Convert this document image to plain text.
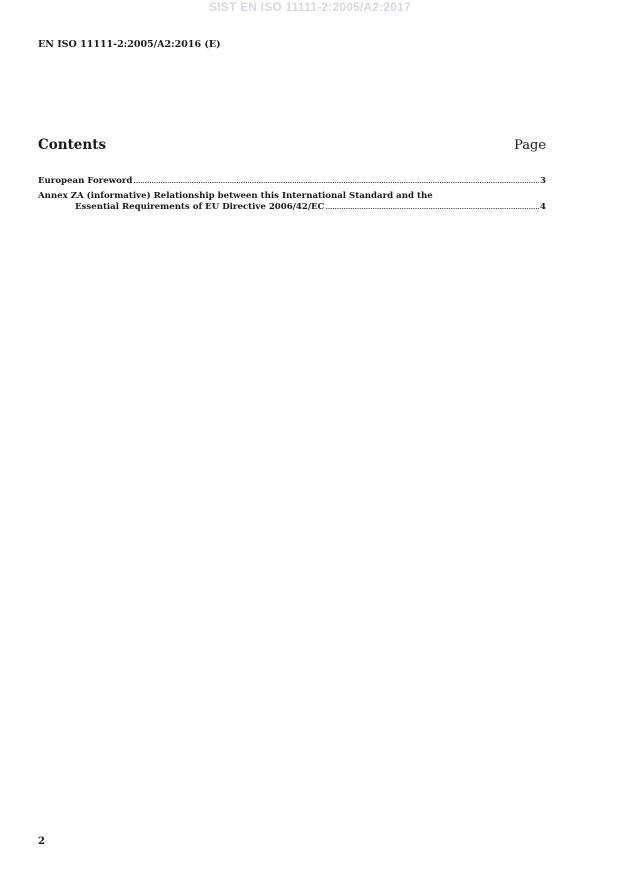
SIST EN ISO 11111-2:2005/A2:2017
EN ISO 11111-2:2005/A2:2016 (E)
Contents	Page
European Foreword .....	3
Annex ZA (informative) Relationship between this International Standard and the
Essential Requirements of EU Directive 2006/42/EC .....	4
2
